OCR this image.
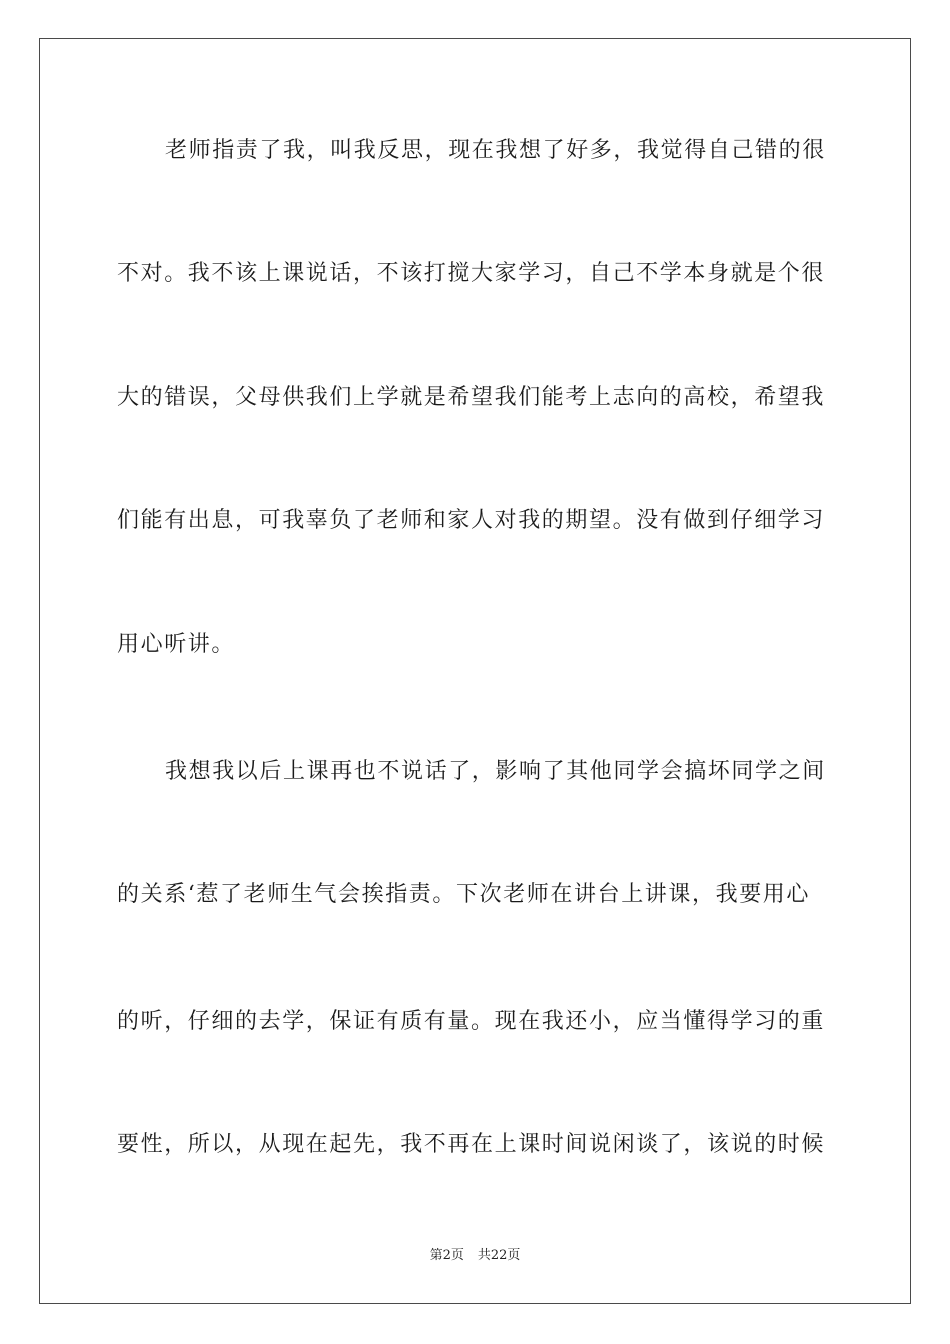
老师指责了我，叫我反思，现在我想了好多，我觉得自己错的很
不对。我不该上课说话，不该打搅大家学习，自己不学本身就是个很
大的错误，父母供我们上学就是希望我们能考上志向的高校，希望我
们能有出息，可我辜负了老师和家人对我的期望。没有做到仔细学习
用心听讲。
我想我以后上课再也不说话了，影响了其他同学会搞坏同学之间
的关系‘惹了老师生气会挨指责。下次老师在讲台上讲课，我要用心
的听，仔细的去学，保证有质有量。现在我还小，应当懂得学习的重
要性，所以，从现在起先，我不再在上课时间说闲谈了，该说的时候
第2页 共22页
